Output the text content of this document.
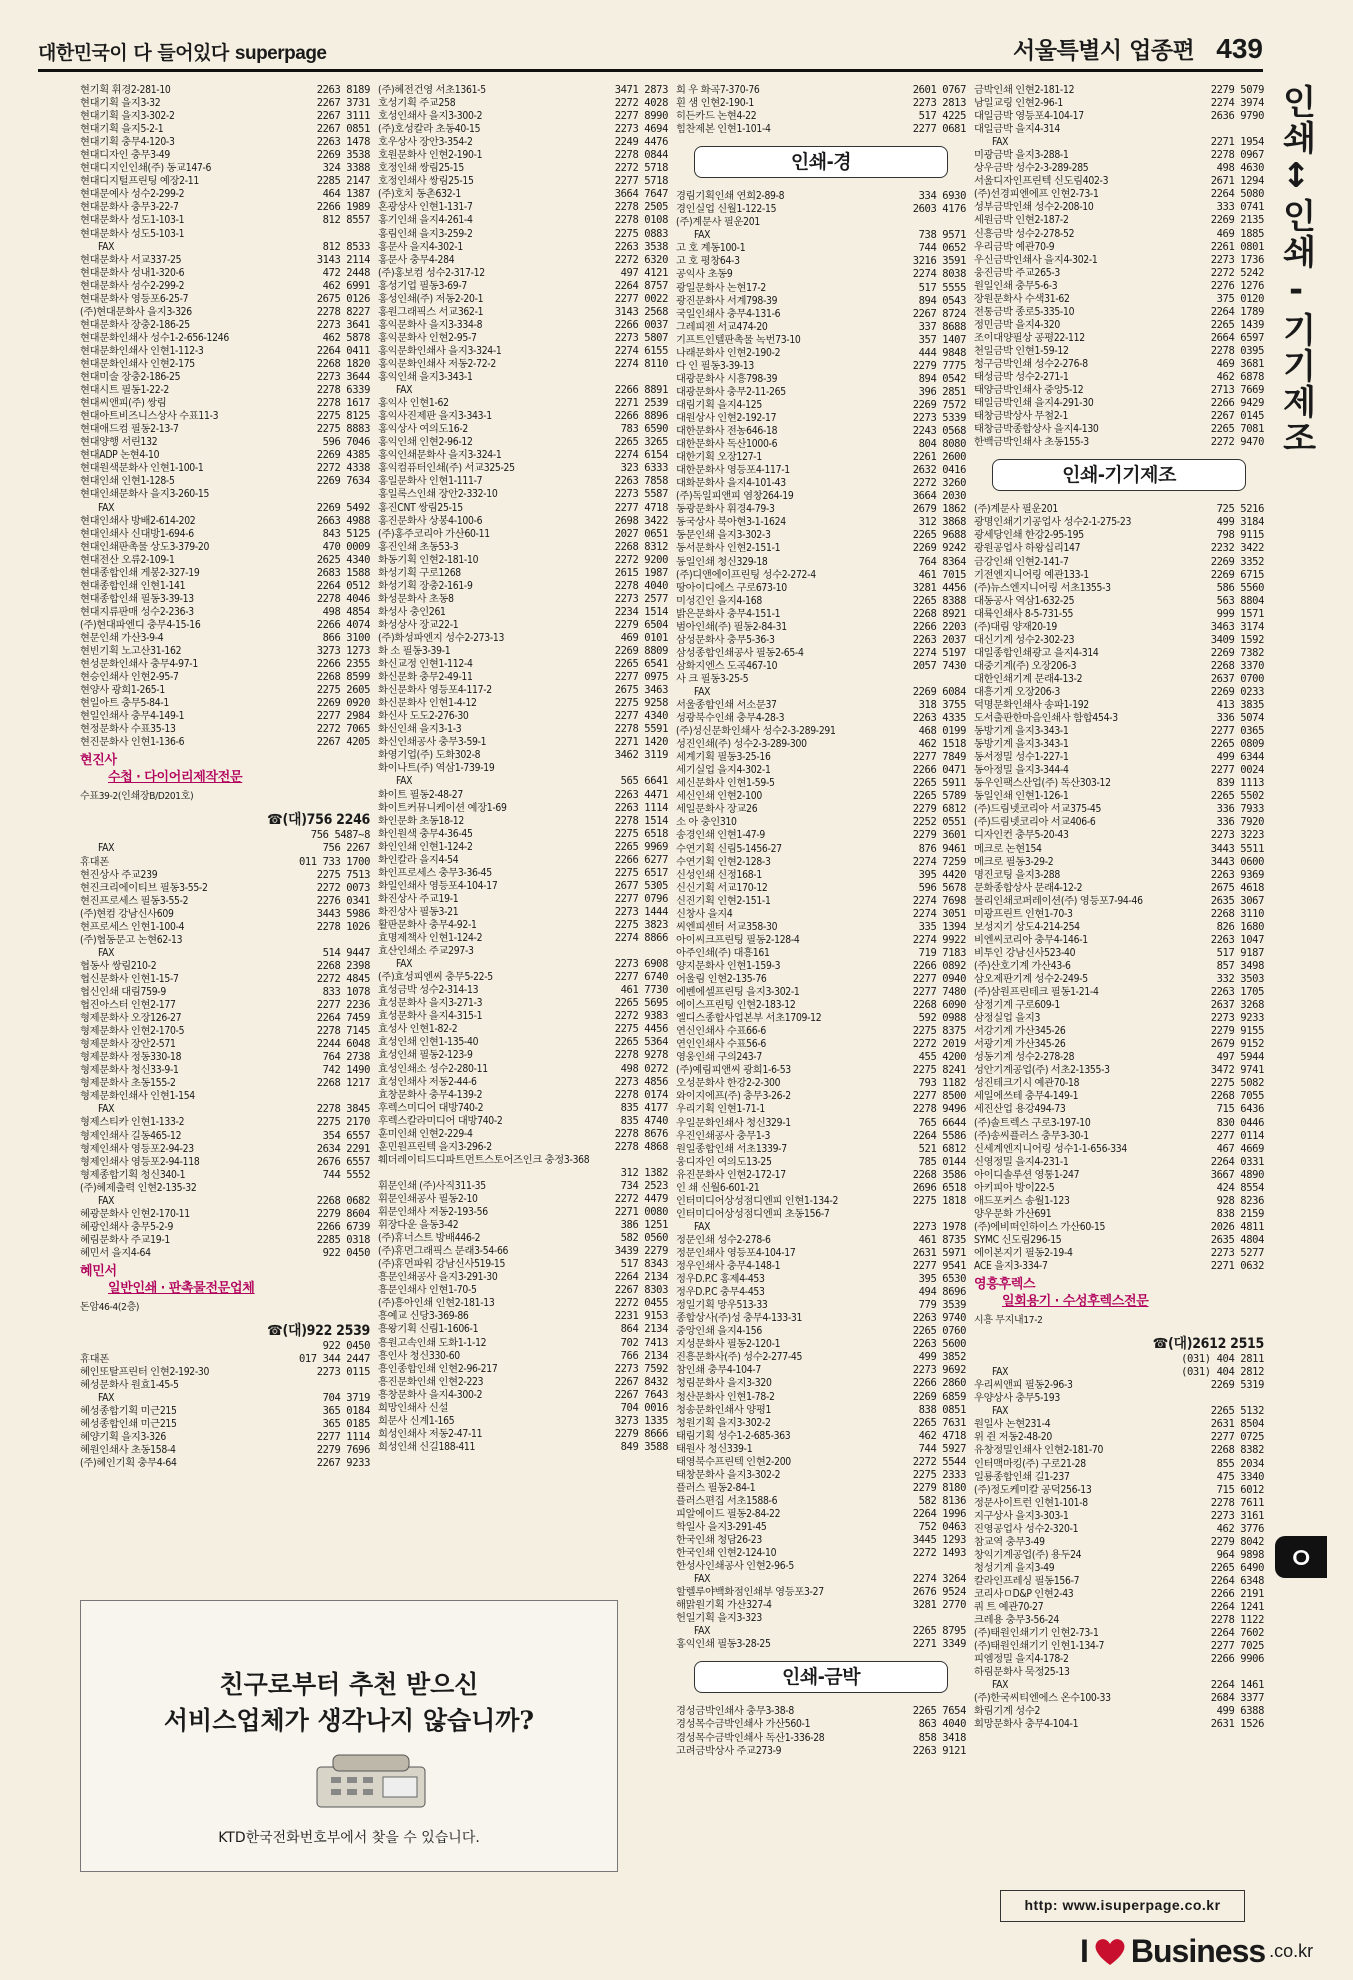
대한민국이 다 들어있다 superpage	서울특별시 업종편 439
현기획 휘경2-281-10	2263 8189
현대기획 을지3-32	2267 3731
현대기획 을지3-302-2	2267 3111
현대기획 을지5-2-1	2267 0851
현대기획 충무4-120-3	2263 1478
현대디자인 충무3-49	2269 3538
현대디지인인쇄(주) 동교147-6	324 3388
현대디지털프린팅 예장2-11	2285 2147
현대문예사 성수2-299-2	464 1387
현대문화사 충무3-22-7	2266 1989
현대문화사 성도1-103-1	812 8557
현대문화사 성도5-103-1
FAX	812 8533
현대문화사 서교337-25	3143 2114
현대문화사 성내1-320-6	472 2448
현대문화사 성수2-299-2	462 6991
현대문화사 영등포6-25-7	2675 0126
(주)현대문화사 을지3-326	2278 8227
현대문화사 장충2-186-25	2273 3641
현대문화인쇄사 성수1-2-656-1246	462 5878
현대문화인쇄사 인현1-112-3	2264 0411
현대문화인쇄사 인현2-175	2268 1820
현대미술 장충2-186-25	2273 3644
현대시트 필동1-22-2	2278 6339
현대씨앤피(주) 쌍림	2278 1617
현대아트비즈니스상사 수표11-3	2275 8125
현대애드컴 필동2-13-7	2275 8883
현대양행 서린132	596 7046
현대ADP 논현4-10	2269 4385
현대원색문화사 인현1-100-1	2272 4338
현대인쇄 인현1-128-5	2269 7634
현대인쇄문화사 을지3-260-15
FAX	2269 5492
현대인쇄사 방배2-614-202	2663 4988
현대인쇄사 신대방1-694-6	843 5125
현대인쇄판촉물 상도3-379-20	470 0009
현대전산 오류2-109-1	2625 4340
현대종합인쇄 게봉2-327-19	2683 1588
현대종합인쇄 인현1-141	2264 0512
현대종합인쇄 필동3-39-13	2278 4046
현대지류판매 성수2-236-3	498 4854
(주)현대파엔디 충무4-15-16	2266 4074
현문인쇄 가산3-9-4	866 3100
현빈기획 노고산31-162	3273 1273
현성문화인쇄사 충무4-97-1	2266 2355
현승인쇄사 인현2-95-7	2268 8599
현양사 광희1-265-1	2275 2605
현일아트 충무5-84-1	2269 0920
현일인쇄사 충무4-149-1	2277 2984
현정문화사 수표35-13	2272 7065
현진문화사 인현1-136-6	2267 4205
현진사
수첩 · 다이어리제작전문
수표39-2(인쇄장B/D201호)
☎(대)756 2246
756 5487~8
FAX	756 2267
휴대폰	011 733 1700
현진상사 주교239	2275 7513
현진크리에이티브 필동3-55-2	2272 0073
현진프로세스 필동3-55-2	2276 0341
(주)현컴 강남신사609	3443 5986
현프로세스 인현1-100-4	2278 1026
(주)협동문고 논현62-13
FAX	514 9447
협동사 쌍림210-2	2268 2398
협신문화사 인현1-15-7	2272 4845
협신인쇄 대림759-9	833 1078
협진아스터 인현2-177	2277 2236
형제문화사 오장126-27	2264 7459
형제문화사 인현2-170-5	2278 7145
형제문화사 장안2-571	2244 6048
형제문화사 정동330-18	764 2738
형제문화사 청신33-9-1	742 1490
형제문화사 초동155-2	2268 1217
형제문화인쇄사 인현1-154
FAX	2278 3845
형제스티카 인현1-133-2	2275 2170
형제인쇄사 길동465-12	354 6557
형제인쇄사 영등포2-94-23	2634 2291
형제인쇄사 영등포2-94-118	2676 6557
형제종합기획 청신340-1	744 5552
(주)혜제출력 인현2-135-32
FAX	2268 0682
혜광문화사 인현2-170-11	2279 8604
혜광인쇄사 충무5-2-9	2266 6739
혜림문화사 주교19-1	2285 0318
혜민서 을지4-64	922 0450
혜민서
일반인쇄 · 판촉물전문업체
돈암46-4(2층)
☎(대)922 2539
922 0450
휴대폰	017 344 2447
혜인또탈프린터 인현2-192-30	2273 0115
혜성문화사 원효1-45-5
FAX	704 3719
혜성종합기획 미근215	365 0184
혜성종합인쇄 미근215	365 0185
혜양기획 을지3-326	2277 1114
혜원인쇄사 초동158-4	2279 7696
(주)혜인기획 충무4-64	2267 9233
(주)혜전건영 서초1361-5	3471 2873
호성기획 주교258	2272 4028
호성인쇄사 을지3-300-2	2277 8990
(주)호성칼라 초동40-15	2273 4694
호우상사 장안3-354-2	2249 4476
호원문화사 인현2-190-1	2278 0844
호정인쇄 쌍림25-15	2272 5718
호정인쇄사 쌍림25-15	2277 5718
(주)호치 동촌632-1	3664 7647
혼광상사 인현1-131-7	2278 2505
홍기인쇄 을지4-261-4	2278 0108
홍림인쇄 을지3-259-2	2275 0883
홍문사 을지4-302-1	2263 3538
홍문사 충무4-284	2272 6320
(주)홍보컴 성수2-317-12	497 4121
홍성기업 필동3-69-7	2264 8757
홍성인쇄(주) 저동2-20-1	2277 0022
홍원그래픽스 서교362-1	3143 2568
홍익문화사 을지3-334-8	2266 0037
홍익문화사 인현2-95-7	2273 5807
홍익문화인쇄사 을지3-324-1	2274 6155
홍익문화인쇄사 저동2-72-2	2274 8110
홍익인쇄 을지3-343-1
FAX	2266 8891
홍익사 인현1-62	2271 2539
홍익사진제판 을지3-343-1	2266 8896
홍익상사 여의도16-2	783 6590
홍익인쇄 인현2-96-12	2265 3265
홍익인쇄문화사 을지3-324-1	2274 6154
홍익컴퓨터인쇄(주) 서교325-25	323 6333
홍일문화사 인현1-111-7	2263 7858
홍일록스인쇄 장안2-332-10	2273 5587
홍진CNT 쌍림25-15	2277 4718
홍진문화사 상봉4-100-6	2698 3422
(주)홍주코리아 가산60-11	2027 0651
홍진인쇄 초동53-3	2268 8312
화동기획 인현2-181-10	2272 9200
화성기획 구로1268	2615 1987
화성기획 장충2-161-9	2278 4040
화성문화사 초동8	2273 2577
화성사 충인261	2234 1514
화성상사 장교22-1	2279 6504
(주)화성파엔지 성수2-273-13	469 0101
화 소 필동3-39-1	2269 8809
화신교정 인현1-112-4	2265 6541
화신문화 충무2-49-11	2277 0975
화신문화사 영등포4-117-2	2675 3463
화신문화사 인현1-4-12	2275 9258
화신사 도도2-276-30	2277 4340
화신인쇄 을지3-1-3	2278 5591
화신인쇄공사 충무3-59-1	2271 1420
화영기업(주) 도화302-8	3462 3119
화이나트(주) 역삼1-739-19
FAX	565 6641
화이트 필동2-48-27	2263 4471
화이트커뮤니케이션 예장1-69	2263 1114
화인문화 초동18-12	2278 1514
화인원색 충무4-36-45	2275 6518
화인인쇄 인현1-124-2	2265 9969
화인칼라 을지4-54	2266 6277
화인프로세스 충무3-36-45	2275 6517
화일인쇄사 영등포4-104-17	2677 5305
화진상사 주교19-1	2277 0796
화진상사 필동3-21	2273 1444
활판문화사 충무4-92-1	2275 3823
효명제책사 인현1-124-2	2274 8866
효산인쇄소 주교297-3
FAX	2273 6908
(주)효성피엔씨 충무5-22-5	2277 6740
효성금박 성수2-314-13	461 7730
효성문화사 을지3-271-3	2265 5695
효성문화사 을지4-315-1	2272 9383
효성사 인현1-82-2	2275 4456
효성인쇄 인현1-135-40	2265 5364
효성인쇄 필동2-123-9	2278 9278
효성인쇄소 성수2-280-11	498 0272
효성인쇄사 저동2-44-6	2273 4856
효창문화사 충무4-139-2	2278 0174
후렉스미디어 대방740-2	835 4177
후렉스칼라미디어 대방740-2	835 4740
훈미인쇄 인현2-229-4	2278 8676
훈민원프린텍 을지3-296-2	2278 4868
훼더레이티드디파트먼트스토어즈인크 충정3-368
312 1382
휘문인쇄 (주)사직311-35	734 2523
휘문인쇄공사 필동2-10	2272 4479
휘문인쇄사 저동2-193-56	2271 0080
휘장다운 을동3-42	386 1251
(주)휴너스트 방배446-2	582 0560
(주)휴먼그래픽스 문래3-54-66	3439 2279
(주)휴먼파워 강남신사519-15	517 8343
흥문인쇄공사 을지3-291-30	2264 2134
흥문인쇄사 인현1-70-5	2267 8303
(주)흥아인쇄 인현2-181-13	2272 0455
흥예교 신당3-369-86	2231 9153
흥왕기획 신림1-1606-1	864 2134
흥원고속인쇄 도화1-1-12	702 7413
흥인사 청신330-60	766 2134
흥인종합인쇄 인현2-96-217	2273 7592
흥진문화인쇄 인현2-223	2267 8432
흥창문화사 을지4-300-2	2267 7643
희망인쇄사 신설	704 0016
희문사 신계1-165	3273 1335
희성인쇄사 저동2-47-11	2279 8666
희성인쇄 신길188-411	849 3588
희 우 화곡7-370-76	2601 0767
흰 샘 인현2-190-1	2273 2813
히든카드 논현4-22	517 4225
힘찬제본 인현1-101-4	2277 0681
인쇄-경
경림기획인쇄 연희2-89-8	334 6930
경인실업 신월1-122-15	2603 4176
(주)계문사 필운201
FAX	738 9571
고 호 계동100-1	744 0652
고 호 평창64-3	3216 3591
공익사 초동9	2274 8038
광일문화사 논현17-2	517 5555
광진문화사 서계798-39	894 0543
국일인쇄사 충무4-131-6	2267 8724
그레피젠 서교474-20	337 8688
기프트인텔판촉물 녹번73-10	357 1407
나래문화사 인현2-190-2	444 9848
다 인 필동3-39-13	2279 7775
대광문화사 시흥798-39	894 0542
대광문화사 충무2-11-265	396 2851
대림기획 을지4-125	2269 7572
대원상사 인현2-192-17	2273 5339
대한문화사 전농646-18	2243 0568
대한문화사 독산1000-6	804 8080
대한기획 오장127-1	2261 2600
대한문화사 영등포4-117-1	2632 0416
대화문화사 을지4-101-43	2272 3260
(주)독일피앤피 염창264-19	3664 2030
동광문화사 휘경4-79-3	2679 1862
동국상사 북아현3-1-1624	312 3868
동문인쇄 을지3-302-3	2265 9688
동서문화사 인현2-151-1	2269 9242
동일인쇄 청신329-18	764 8364
(주)디앤에이프린팅 성수2-272-4	461 7015
땅아이디에스 구로673-10	3281 4456
미성긴인 을지4-168	2265 8388
밝은문화사 충무4-151-1	2268 8921
범아인쇄(주) 필동2-84-31	2266 2203
삼성문화사 충무5-36-3	2263 2037
삼성종합인쇄공사 필동2-65-4	2274 5197
삼화지엔스 도곡467-10	2057 7430
사 크 필동3-25-5
FAX	2269 6084
서울종합인쇄 서소문37	318 3755
성광북수인쇄 충무4-28-3	2263 4335
(주)성신문화인쇄사 성수2-3-289-291	468 0199
성진인쇄(주) 성수2-3-289-300	462 1518
세계기획 필동3-25-16	2277 7849
세기실업 을지4-302-1	2266 0471
세신문화사 인현1-59-5	2265 5911
세신인쇄 인현2-100	2265 5789
세일문화사 장교26	2279 6812
소 아 충인310	2252 0551
송경인쇄 인현1-47-9	2279 3601
수연기획 신림5-1456-27	876 9461
수연기획 인현2-128-3	2274 7259
신성인쇄 신정168-1	395 4420
신신기획 서교170-12	596 5678
신진기획 인현2-151-1	2274 7698
신창사 을지4	2274 3051
씨엔피센터 서교358-30	335 1394
아이씨크프린팅 필동2-128-4	2274 9922
아주인쇄(주) 대흥161	719 7183
양지문화사 인현1-159-3	2266 0892
어울림 인현2-135-76	2277 0940
에벤에셀프린팅 을지3-302-1	2277 7480
에이스프린팅 인현2-183-12	2268 6090
엘디스종합사업본부 서초1709-12	592 0988
연신인쇄사 수표66-6	2275 8375
연인인쇄사 수표56-6	2272 2019
영웅인쇄 구의243-7	455 4200
(주)예림피앤씨 광희1-6-53	2275 8241
오성문화사 한강2-2-300	793 1182
와이지에프(주) 충무3-26-2	2277 8500
우리기획 인현1-71-1	2278 9496
우일문화인쇄사 청신329-1	765 6644
우진인쇄공사 충무1-3	2264 5586
원일종합인쇄 서초1339-7	521 6812
웅디자인 여의도13-25	785 0144
유진문화사 인현2-172-17	2268 3586
인 쇄 신월6-601-21	2696 6518
인터미디어상성점디엔피 인현1-134-2	2275 1818
인터미디어상성점디엔피 초동156-7
FAX	2273 1978
정문인쇄 성수2-278-6	461 8735
정문인쇄사 영등포4-104-17	2631 5971
정우인쇄사 충무4-148-1	2277 9541
정우D.P.C 홍제4-453	395 6530
정우D.P.C 충무4-453	494 8696
정일기획 망우513-33	779 3539
종합상사(주)성 충무4-133-31	2263 9740
중앙인쇄 을지4-156	2265 0760
지성문화사 필동2-120-1	2263 5600
진흥문화사(주) 성수2-277-45	499 3852
참인쇄 충무4-104-7	2273 9692
청림문화사 을지3-320	2266 2860
청산문화사 인현1-78-2	2269 6859
청송문화인쇄사 양평1	838 0851
청원기획 을지3-302-2	2265 7631
태림기획 성수1-2-685-363	462 4718
태원사 청신339-1	744 5927
태영북수프린텍 인현2-200	2272 5544
태창문화사 을지3-302-2	2275 2333
플러스 필동2-84-1	2279 8180
플러스편집 서초1588-6	582 8136
피알에이드 필동2-84-22	2264 1996
학일사 을지3-291-45	752 0463
한국인쇄 청담26-23	3445 1293
한국인쇄 인현2-124-10	2272 1493
한성사인쇄공사 인현2-96-5
FAX	2274 3264
할렐루야백화점인쇄부 영등포3-27	2676 9524
해맑원기획 가산327-4	3281 2770
헌일기획 을지3-323
FAX	2265 8795
홍익인쇄 필동3-28-25	2271 3349
인쇄-금박
경성금박인쇄사 충무3-38-8	2265 7654
경성목수금박인쇄사 가산560-1	863 4040
경성목수금박인쇄사 독산1-336-28	858 3418
고려금박상사 주교273-9	2263 9121
금박인쇄 인현2-181-12	2279 5079
남일교링 인현2-96-1	2274 3974
대일금박 영등포4-104-17	2636 9790
대일금박 을지4-314
FAX	2271 1954
미광금박 을지3-288-1	2278 0967
상우금박 성수2-3-289-285	498 4630
서울디자인프린텍 신도림402-3	2671 1294
(주)선경피엔에프 인현2-73-1	2264 5080
성부금박인쇄 성수2-208-10	333 0741
세원금박 인현2-187-2	2269 2135
신흥금박 성수2-278-52	469 1885
우리금박 예관70-9	2261 0801
우신금박인쇄사 을지4-302-1	2273 1736
웅진금박 주교265-3	2272 5242
원일인쇄 충무5-6-3	2276 1276
장원문화사 수색31-62	375 0120
전통금박 종로5-335-10	2264 1789
정민금박 을지4-320	2265 1439
조이대양필상 공평22-112	2664 6597
천일금박 인현1-59-12	2278 0395
청구금박인쇄 성수2-276-8	469 3681
태성금박 성수2-271-1	462 6878
태양금박인쇄사 중앙5-12	2713 7669
태일금박인쇄 을지4-291-30	2266 9429
태창금박상사 무첨2-1	2267 0145
태창금박종합상사 을지4-130	2265 7081
한백금박인쇄사 초동155-3	2272 9470
인쇄-기기제조
(주)계문사 필운201	725 5216
광명인쇄기기공업사 성수2-1-275-23	499 3184
광세당인쇄 한강2-95-195	798 9115
광원공업사 하왕십리147	2232 3422
금강인쇄 인현2-141-7	2269 3352
기전엔지니어링 예관133-1	2269 6715
(주)뉴스엔지니어링 서초1355-3	586 5560
대동공사 역삼1-632-25	563 8804
대륙인쇄사 8-5-731-55	999 1571
(주)대림 양재20-19	3463 3174
대신기계 성수2-302-23	3409 1592
대일종합인쇄광고 을지4-314	2269 7382
대중기계(주) 오장206-3	2268 3370
대한인쇄기계 문래4-13-2	2637 0700
대흥기계 오장206-3	2269 0233
덕명문화인쇄사 송파1-192	413 3835
도서출판한마음인쇄사 함합454-3	336 5074
동방기계 을지3-343-1	2277 0365
동방기계 을지3-343-1	2265 0809
동서정밀 성수1-227-1	499 6344
동아정밀 을지3-344-4	2277 0024
동우인팩스산업(주) 독산303-12	839 1113
동일인쇄 인현1-126-1	2265 5502
(주)드림넷코리아 서교375-45	336 7933
(주)드림넷코리아 서교406-6	336 7920
디자인컨 충무5-20-43	2273 3223
메크로 논현154	3443 5511
메크로 필동3-29-2	3443 0600
명진코팅 을지3-288	2263 9369
문화종합상사 문래4-12-2	2675 4618
물리인쇄코퍼레이션(주) 영등포7-94-46	2635 3067
미광프린트 인현1-70-3	2268 3110
보성지기 상도4-214-254	826 1680
비엔씨코리아 충무4-146-1	2263 1047
비투인 강남신사523-40	517 9187
(주)산호기계 가산43-6	857 3498
삼오제판기계 성수2-249-5	332 3503
(주)삼원프린테크 필동1-21-4	2263 1705
삼정기계 구로609-1	2637 3268
삼정실업 을지3	2273 9233
서강기계 가산345-26	2279 9155
서광기계 가산345-26	2679 9152
성동기계 성수2-278-28	497 5944
성안기계공업(주) 서초2-1355-3	3472 9741
성진테크기시 예관70-18	2275 5082
세일에쓰테 충무4-149-1	2268 7055
세진산업 용강494-73	715 6436
(주)솔트렉스 구로3-197-10	830 0446
(주)송씨플러스 충무3-30-1	2277 0114
신세계엔지니어링 성수1-1-656-334	467 4669
신영정밀 을지4-231-1	2264 0331
아이디솔루션 영통1-247	3667 4890
아키피아 방이22-5	424 8554
애드포커스 송월1-123	928 8236
양우문화 가산691	838 2159
(주)에비떠인하이스 가산60-15	2026 4811
SYMC 신도림296-15	2635 4804
에이본지기 필동2-19-4	2273 5277
ACE 을지3-334-7	2271 0632
영흥후렉스
일회용기 · 수성후렉스전문
시흥 무지내17-2
☎(대)2612 2515
(031) 404 2811
FAX	(031) 404 2812
우리씨앤피 필동2-96-3	2269 5319
우양상사 충무5-193
FAX	2265 5132
원일사 논현231-4	2631 8504
위 쥔 저동2-48-20	2277 0725
유창정밀인쇄사 인현2-181-70	2268 8382
인터맥마킹(주) 구로21-28	855 2034
일룡종합인쇄 길1-237	475 3340
(주)정도케미칼 공덕256-13	715 6012
정문사이트런 인현1-101-8	2278 7611
지구상사 을지3-303-1	2273 3161
진영공업사 성수2-320-1	462 3776
참교역 충무3-49	2279 8042
창익기계공업(주) 용두24	964 9898
청성기계 을지3-49	2265 6490
칼라인프레싱 필동156-7	2264 6348
코리사ㅁD&P 인현2-43	2266 2191
쿼 트 예관70-27	2264 1241
크레용 충무3-56-24	2278 1122
(주)태원인쇄기기 인현2-73-1	2264 7602
(주)태원인쇄기기 인현1-134-7	2277 7025
피엠정밀 을지4-178-2	2266 9906
하림문화사 묵정25-13
FAX	2264 1461
(주)한국씨티엔에스 온수100-33	2684 3377
화림기계 성수2	499 6388
회망문화사 충무4-104-1	2631 1526
인쇄↕인쇄-기기제조
ㅇ
친구로부터 추천 받으신
서비스업체가 생각나지 않습니까?
KTD한국전화번호부에서 찾을 수 있습니다.
http: www.isuperpage.co.kr
I Business .co.kr
